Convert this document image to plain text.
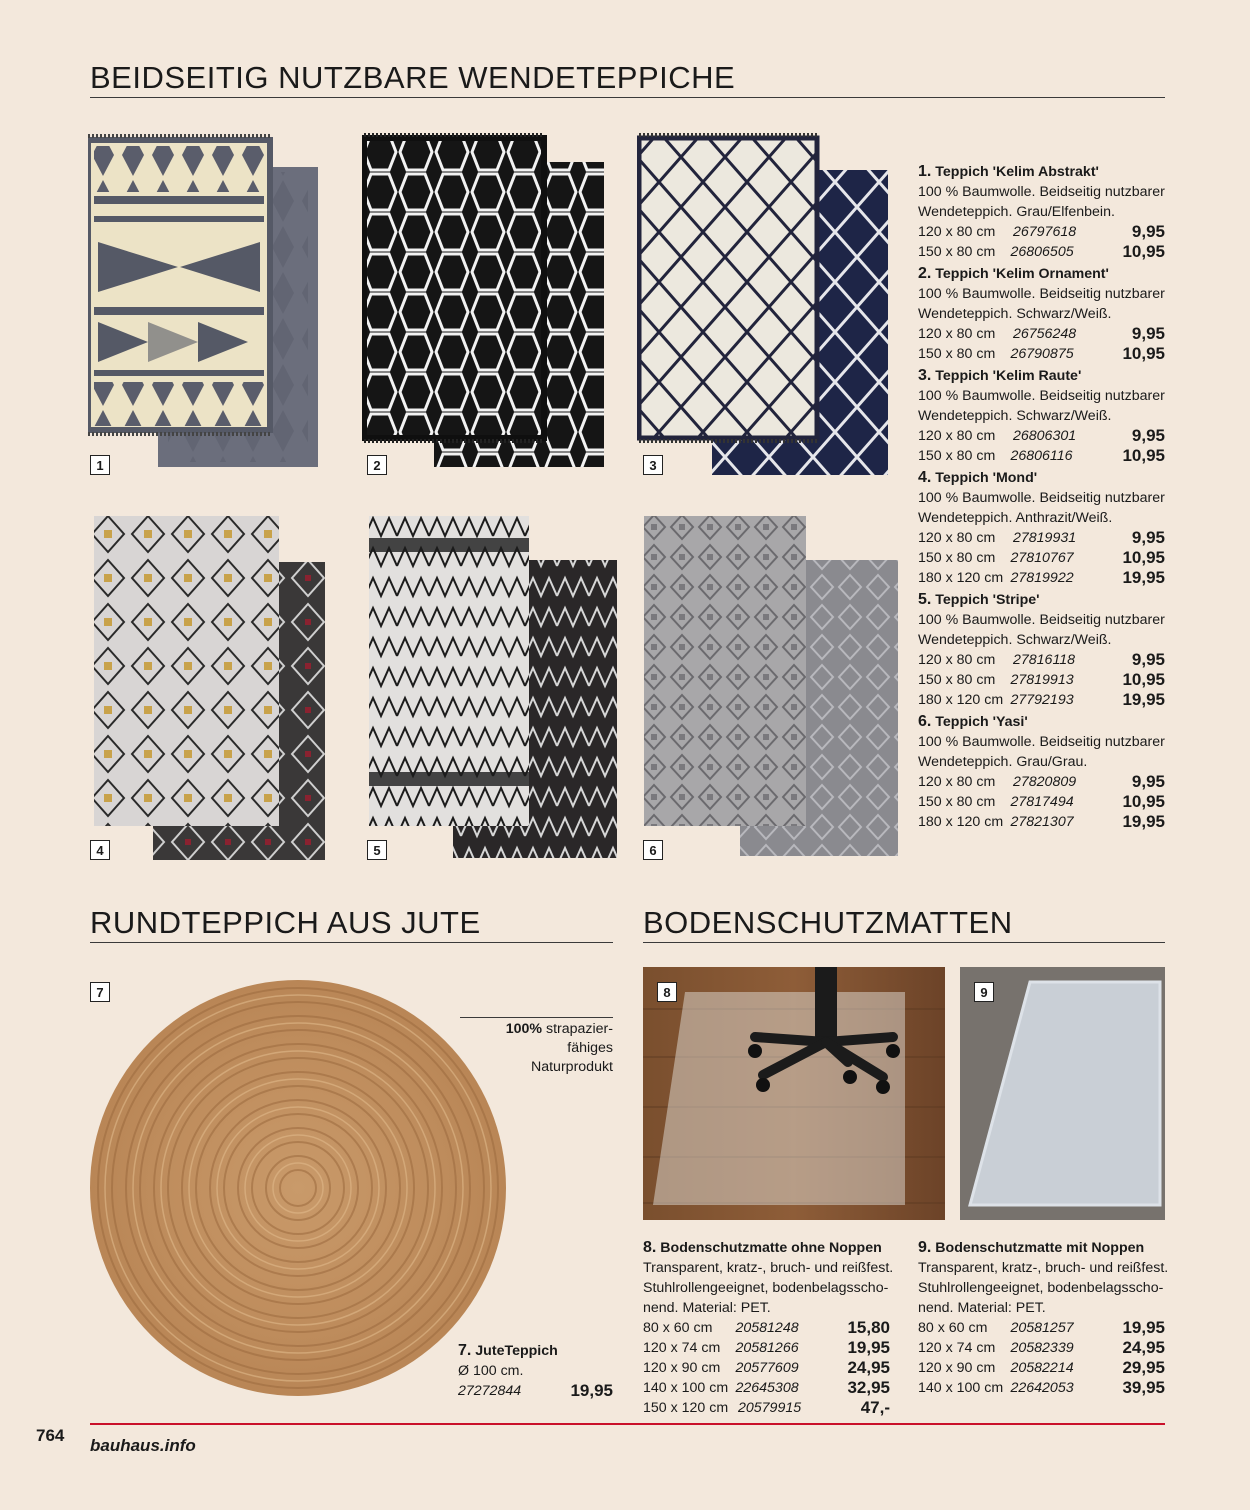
BEIDSEITIG NUTZBARE WENDETEPPICHE
1	2	3
4	5	6
1. Teppich 'Kelim Abstrakt'
100 % Baumwolle. Beidseitig nutzbarer
Wendeteppich. Grau/Elfenbein.
120 x 80 cm	26797618	9,95
150 x 80 cm	26806505	10,95
2. Teppich 'Kelim Ornament'
100 % Baumwolle. Beidseitig nutzbarer
Wendeteppich. Schwarz/Weiß.
120 x 80 cm	26756248	9,95
150 x 80 cm	26790875	10,95
3. Teppich 'Kelim Raute'
100 % Baumwolle. Beidseitig nutzbarer
Wendeteppich. Schwarz/Weiß.
120 x 80 cm	26806301	9,95
150 x 80 cm	26806116	10,95
4. Teppich 'Mond'
100 % Baumwolle. Beidseitig nutzbarer
Wendeteppich. Anthrazit/Weiß.
120 x 80 cm	27819931	9,95
150 x 80 cm	27810767	10,95
180 x 120 cm 27819922	19,95
5. Teppich 'Stripe'
100 % Baumwolle. Beidseitig nutzbarer
Wendeteppich. Schwarz/Weiß.
120 x 80 cm	27816118	9,95
150 x 80 cm	27819913	10,95
180 x 120 cm 27792193	19,95
6. Teppich 'Yasi'
100 % Baumwolle. Beidseitig nutzbarer
Wendeteppich. Grau/Grau.
120 x 80 cm	27820809	9,95
150 x 80 cm	27817494	10,95
180 x 120 cm 27821307	19,95
RUNDTEPPICH AUS JUTE	BODENSCHUTZMATTEN
7
100% strapazier-
fähiges
Naturprodukt
7. JuteTeppich
Ø 100 cm.
27272844	19,95
8	9
8. Bodenschutzmatte ohne Noppen
Transparent, kratz-, bruch- und reißfest.
Stuhlrollengeeignet, bodenbelagsscho-
nend. Material: PET.
80 x 60 cm	20581248	15,80
120 x 74 cm	20581266	19,95
120 x 90 cm	20577609	24,95
140 x 100 cm 22645308	32,95
150 x 120 cm 20579915	47,-
9. Bodenschutzmatte mit Noppen
Transparent, kratz-, bruch- und reißfest.
Stuhlrollengeeignet, bodenbelagsscho-
nend. Material: PET.
80 x 60 cm	20581257	19,95
120 x 74 cm	20582339	24,95
120 x 90 cm	20582214	29,95
140 x 100 cm 22642053	39,95
764
bauhaus.info
